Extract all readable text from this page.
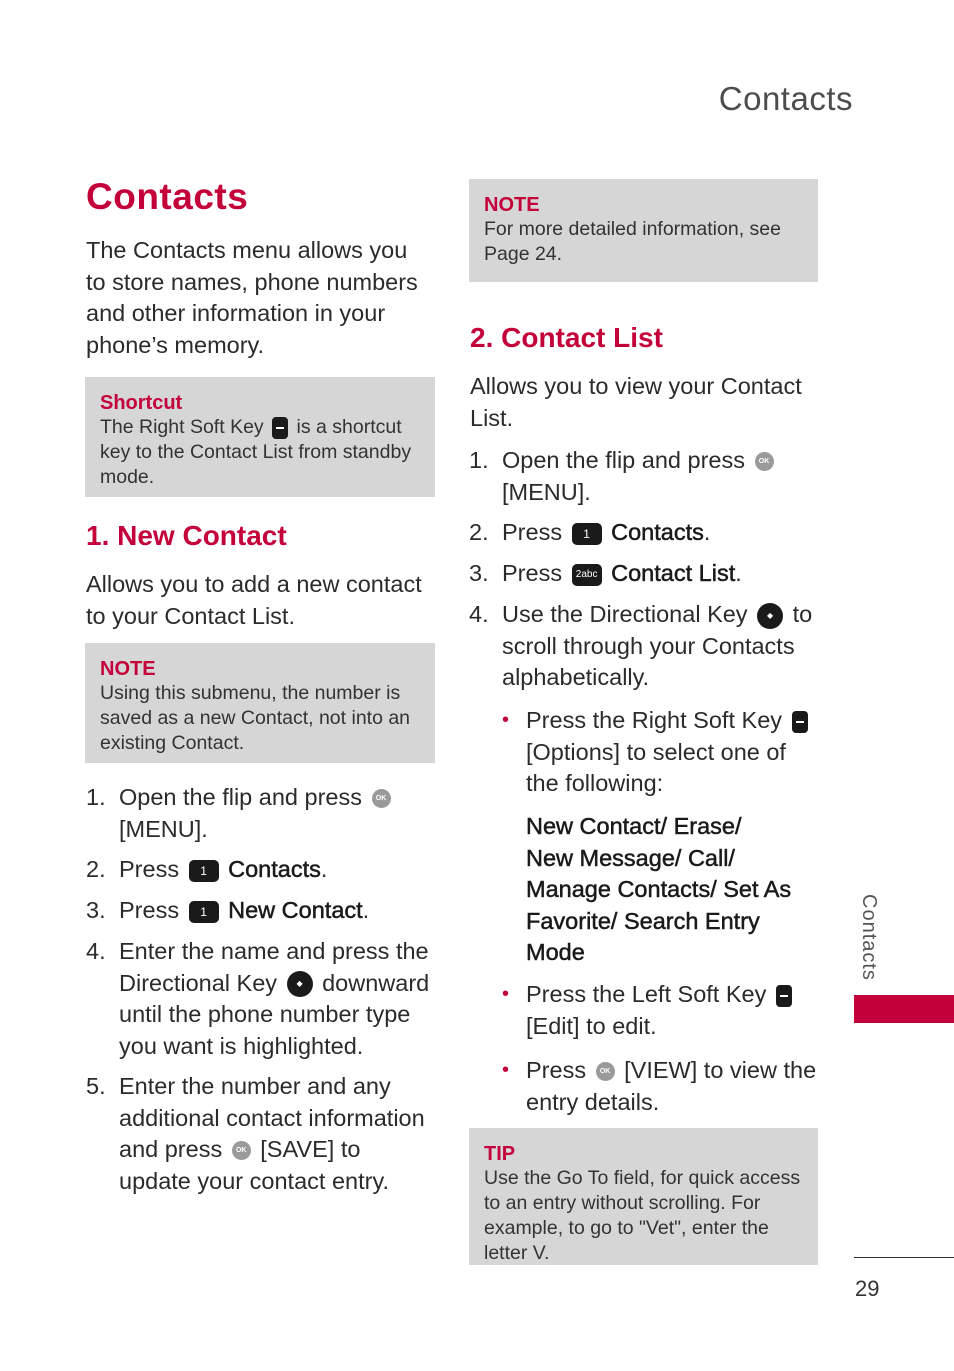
Contacts
Contacts
The Contacts menu allows you to store names, phone numbers and other information in your phone’s memory.
Shortcut
The Right Soft Key is a shortcut key to the Contact List from standby mode.
1. New Contact
Allows you to add a new contact to your Contact List.
NOTE
Using this submenu, the number is saved as a new Contact, not into an existing Contact.
1. Open the flip and press OK
[MENU].
2. Press 1 Contacts.
3. Press 1 New Contact.
4. Enter the name and press the Directional Key ◆ downward until the phone number type you want is highlighted.
5. Enter the number and any additional contact information and press OK [SAVE] to update your contact entry.
NOTE
For more detailed information, see Page 24.
2. Contact List
Allows you to view your Contact List.
1. Open the flip and press OK
[MENU].
2. Press 1 Contacts.
3. Press 2abc Contact List.
4. Use the Directional Key ◆ to scroll through your Contacts alphabetically.
• Press the Right Soft Key  [Options] to select one of the following:
New Contact/ Erase/
New Message/ Call/
Manage Contacts/ Set As
Favorite/ Search Entry
Mode
• Press the Left Soft Key
[Edit] to edit.
• Press OK [VIEW] to view the entry details.
TIP
Use the Go To field, for quick access to an entry without scrolling. For example, to go to "Vet", enter the letter V.
Contacts
29
